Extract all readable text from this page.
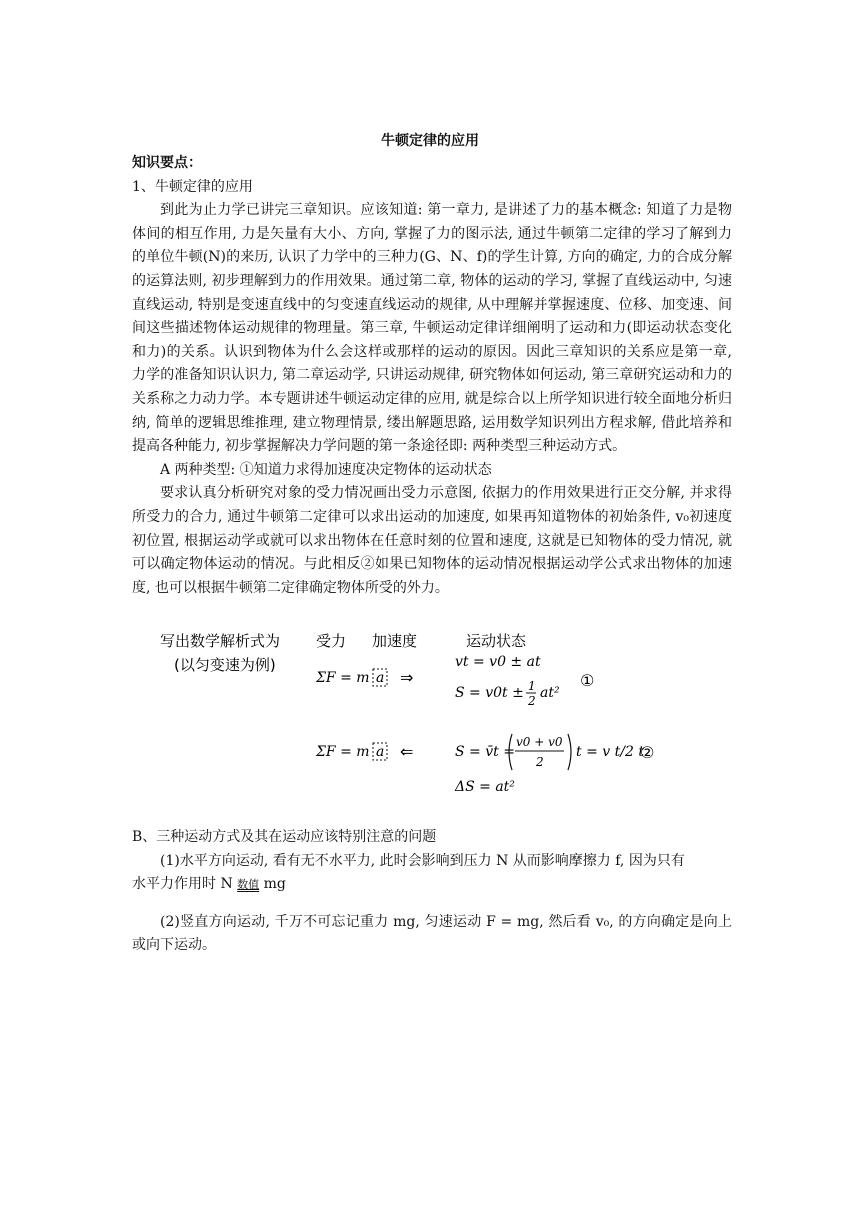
牛顿定律的应用
知识要点：
1、牛顿定律的应用
到此为止力学已讲完三章知识。应该知道: 第一章力, 是讲述了力的基本概念: 知道了力是物体间的相互作用, 力是矢量有大小、方向, 掌握了力的图示法, 通过牛顿第二定律的学习了解到力的单位牛顿(N)的来历, 认识了力学中的三种力(G、N、f)的学生计算, 方向的确定, 力的合成分解的运算法则, 初步理解到力的作用效果。通过第二章, 物体的运动的学习, 掌握了直线运动中, 匀速直线运动, 特别是变速直线中的匀变速直线运动的规律, 从中理解并掌握速度、位移、加变速、间间这些描述物体运动规律的物理量。第三章, 牛顿运动定律详细阐明了运动和力(即运动状态变化和力)的关系。认识到物体为什么会这样或那样的运动的原因。因此三章知识的关系应是第一章, 力学的准备知识认识力, 第二章运动学, 只讲运动规律, 研究物体如何运动, 第三章研究运动和力的关系称之力动力学。本专题讲述牛顿运动定律的应用, 就是综合以上所学知识进行较全面地分析归纳, 简单的逻辑思维推理, 建立物理情景, 缕出解题思路, 运用数学知识列出方程求解, 借此培养和提高各种能力, 初步掌握解决力学问题的第一条途径即: 两种类型三种运动方式。
A 两种类型: ①知道力求得加速度决定物体的运动状态
要求认真分析研究对象的受力情况画出受力示意图, 依据力的作用效果进行正交分解, 并求得所受力的合力, 通过牛顿第二定律可以求出运动的加速度, 如果再知道物体的初始条件, v₀初速度初位置, 根据运动学或就可以求出物体在任意时刻的位置和速度, 这就是已知物体的受力情况, 就可以确定物体运动的情况。与此相反②如果已知物体的运动情况根据运动学公式求出物体的加速度, 也可以根据牛顿第二定律确定物体所受的外力。
写出数学解析式为
(以匀变速为例)
受力 加速度	运动状态
ΣF = m a ⇒
vt = v0 ± at
S = v0t ± 1
2 at²
①
ΣF = m a ⇐	S = v̄t =
v0 + v0
2
t = v t/2 t
②
ΔS = at²
B、三种运动方式及其在运动应该特别注意的问题
(1)水平方向运动, 看有无不水平力, 此时会影响到压力 N 从而影响摩擦力 f, 因为只有
水平力作用时 N 数值 mg
(2)竖直方向运动, 千万不可忘记重力 mg, 匀速运动 F = mg, 然后看 v₀, 的方向确定是向上或向下运动。
